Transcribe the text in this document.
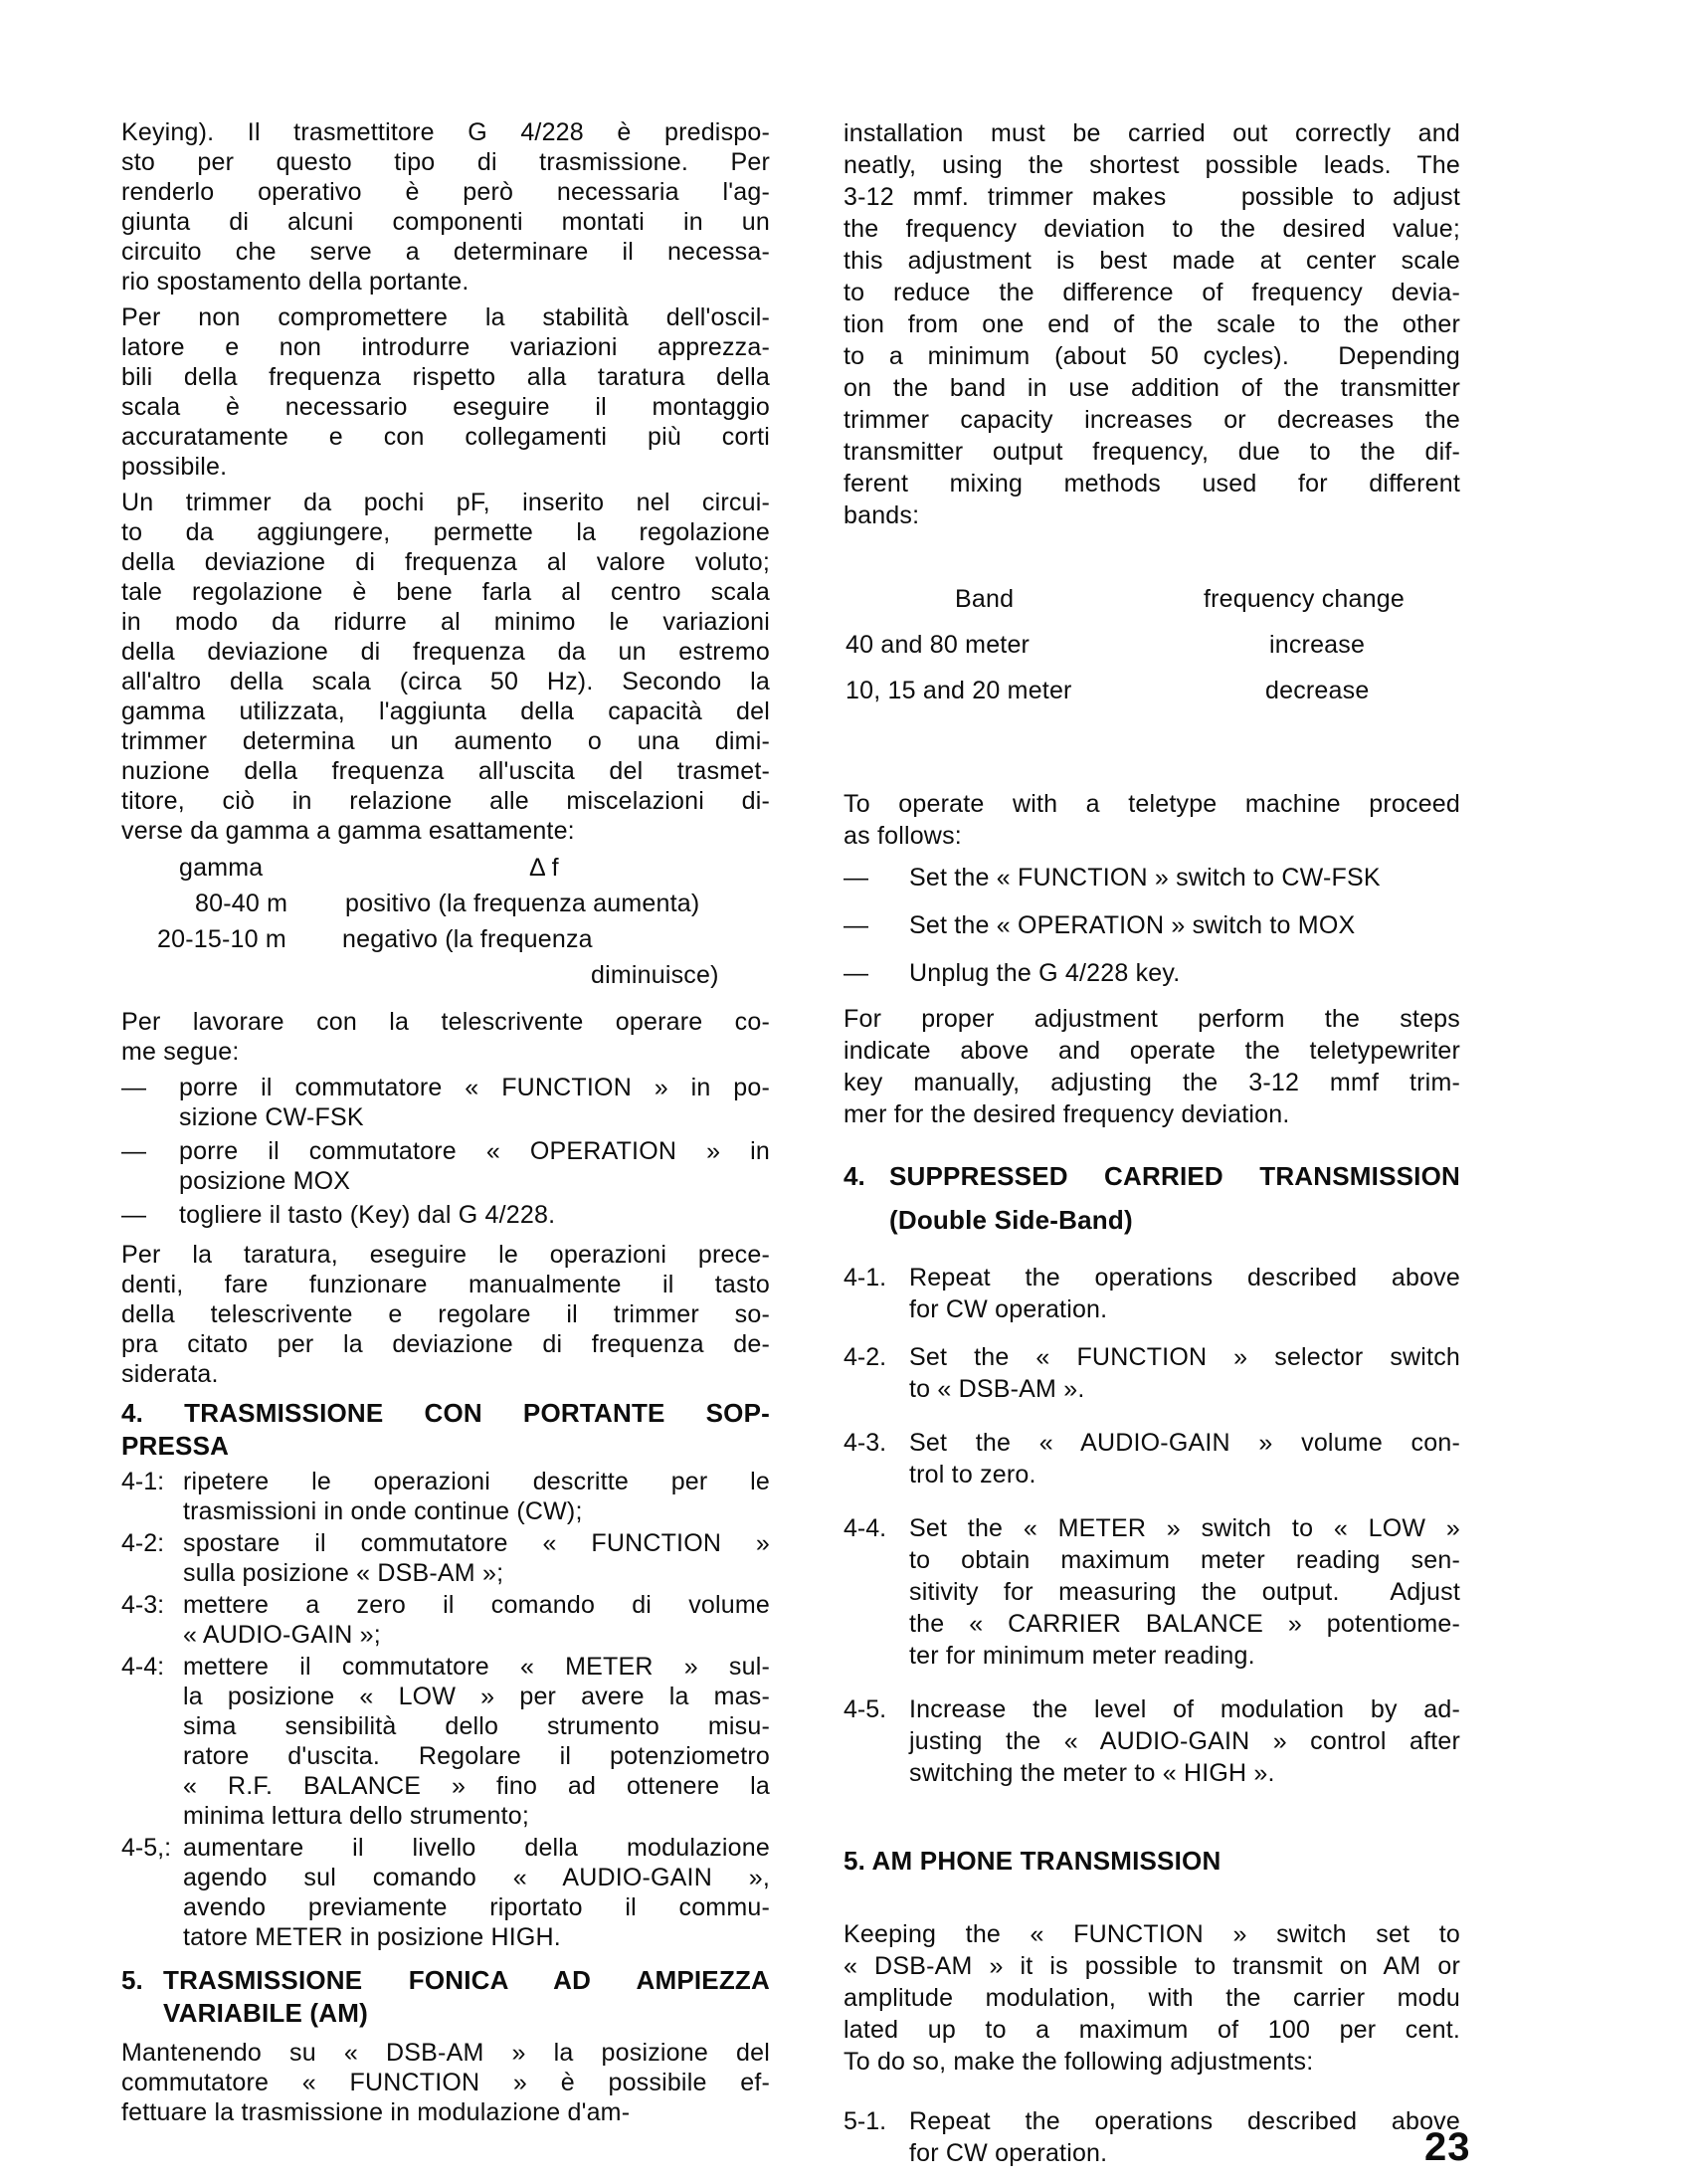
Keying). Il trasmettitore G 4/228 è predispo-
sto per questo tipo di trasmissione. Per
renderlo operativo è però necessaria l'ag-
giunta di alcuni componenti montati in un
circuito che serve a determinare il necessa-
rio spostamento della portante.
Per non compromettere la stabilità dell'oscil-
latore e non introdurre variazioni apprezza-
bili della frequenza rispetto alla taratura della
scala è necessario eseguire il montaggio
accuratamente e con collegamenti più corti
possibile.
Un trimmer da pochi pF, inserito nel circui-
to da aggiungere, permette la regolazione
della deviazione di frequenza al valore voluto;
tale regolazione è bene farla al centro scala
in modo da ridurre al minimo le variazioni
della deviazione di frequenza da un estremo
all'altro della scala (circa 50 Hz). Secondo la
gamma utilizzata, l'aggiunta della capacità del
trimmer determina un aumento o una dimi-
nuzione della frequenza all'uscita del trasmet-
titore, ciò in relazione alle miscelazioni di-
verse da gamma a gamma esattamente:
gamma	Δ f
80-40 m positivo (la frequenza aumenta)
20-15-10 m negativo (la frequenza
diminuisce)
Per lavorare con la telescrivente operare co-
me segue:
— porre il commutatore « FUNCTION » in po-
sizione CW-FSK
— porre il commutatore « OPERATION » in
posizione MOX
— togliere il tasto (Key) dal G 4/228.
Per la taratura, eseguire le operazioni prece-
denti, fare funzionare manualmente il tasto
della telescrivente e regolare il trimmer so-
pra citato per la deviazione di frequenza de-
siderata.
4. TRASMISSIONE CON PORTANTE SOP-
PRESSA
4-1: ripetere le operazioni descritte per le
trasmissioni in onde continue (CW);
4-2: spostare il commutatore « FUNCTION »
sulla posizione « DSB-AM »;
4-3: mettere a zero il comando di volume
« AUDIO-GAIN »;
4-4: mettere il commutatore « METER » sul-
la posizione « LOW » per avere la mas-
sima sensibilità dello strumento misu-
ratore d'uscita. Regolare il potenziometro
« R.F. BALANCE » fino ad ottenere la
minima lettura dello strumento;
4-5,: aumentare il livello della modulazione
agendo sul comando « AUDIO-GAIN »,
avendo previamente riportato il commu-
tatore METER in posizione HIGH.
5. TRASMISSIONE FONICA AD AMPIEZZA
VARIABILE (AM)
Mantenendo su « DSB-AM » la posizione del
commutatore « FUNCTION » è possibile ef-
fettuare la trasmissione in modulazione d'am-
installation must be carried out correctly and
neatly, using the shortest possible leads. The
3-12 mmf. trimmer makes    possible to adjust
the frequency deviation to the desired value;
this adjustment is best made at center scale
to reduce the difference of frequency devia-
tion from one end of the scale to the other
to a minimum (about 50 cycles).  Depending
on the band in use addition of the transmitter
trimmer capacity increases or decreases the
transmitter output frequency, due to the dif-
ferent mixing methods used for different
bands:
Band	frequency change
40 and 80 meter	increase
10, 15 and 20 meter	decrease
To operate with a teletype machine proceed
as follows:
— Set the « FUNCTION » switch to CW-FSK
— Set the « OPERATION » switch to MOX
— Unplug the G 4/228 key.
For proper adjustment perform the steps
indicate above and operate the teletypewriter
key manually, adjusting the 3-12 mmf trim-
mer for the desired frequency deviation.
4. SUPPRESSED CARRIED TRANSMISSION
(Double Side-Band)
4-1. Repeat the operations described above
for CW operation.
4-2. Set the « FUNCTION » selector switch
to « DSB-AM ».
4-3. Set the « AUDIO-GAIN » volume con-
trol to zero.
4-4. Set the « METER » switch to « LOW »
to obtain maximum meter reading sen-
sitivity for measuring the output.  Adjust
the « CARRIER BALANCE » potentiome-
ter for minimum meter reading.
4-5. Increase the level of modulation by ad-
justing the « AUDIO-GAIN » control after
switching the meter to « HIGH ».
5. AM PHONE TRANSMISSION
Keeping the « FUNCTION » switch set to
« DSB-AM » it is possible to transmit on AM or
amplitude modulation, with the carrier modu
lated up to a maximum of 100 per cent.
To do so, make the following adjustments:
5-1. Repeat the operations described above
for CW operation.	23
